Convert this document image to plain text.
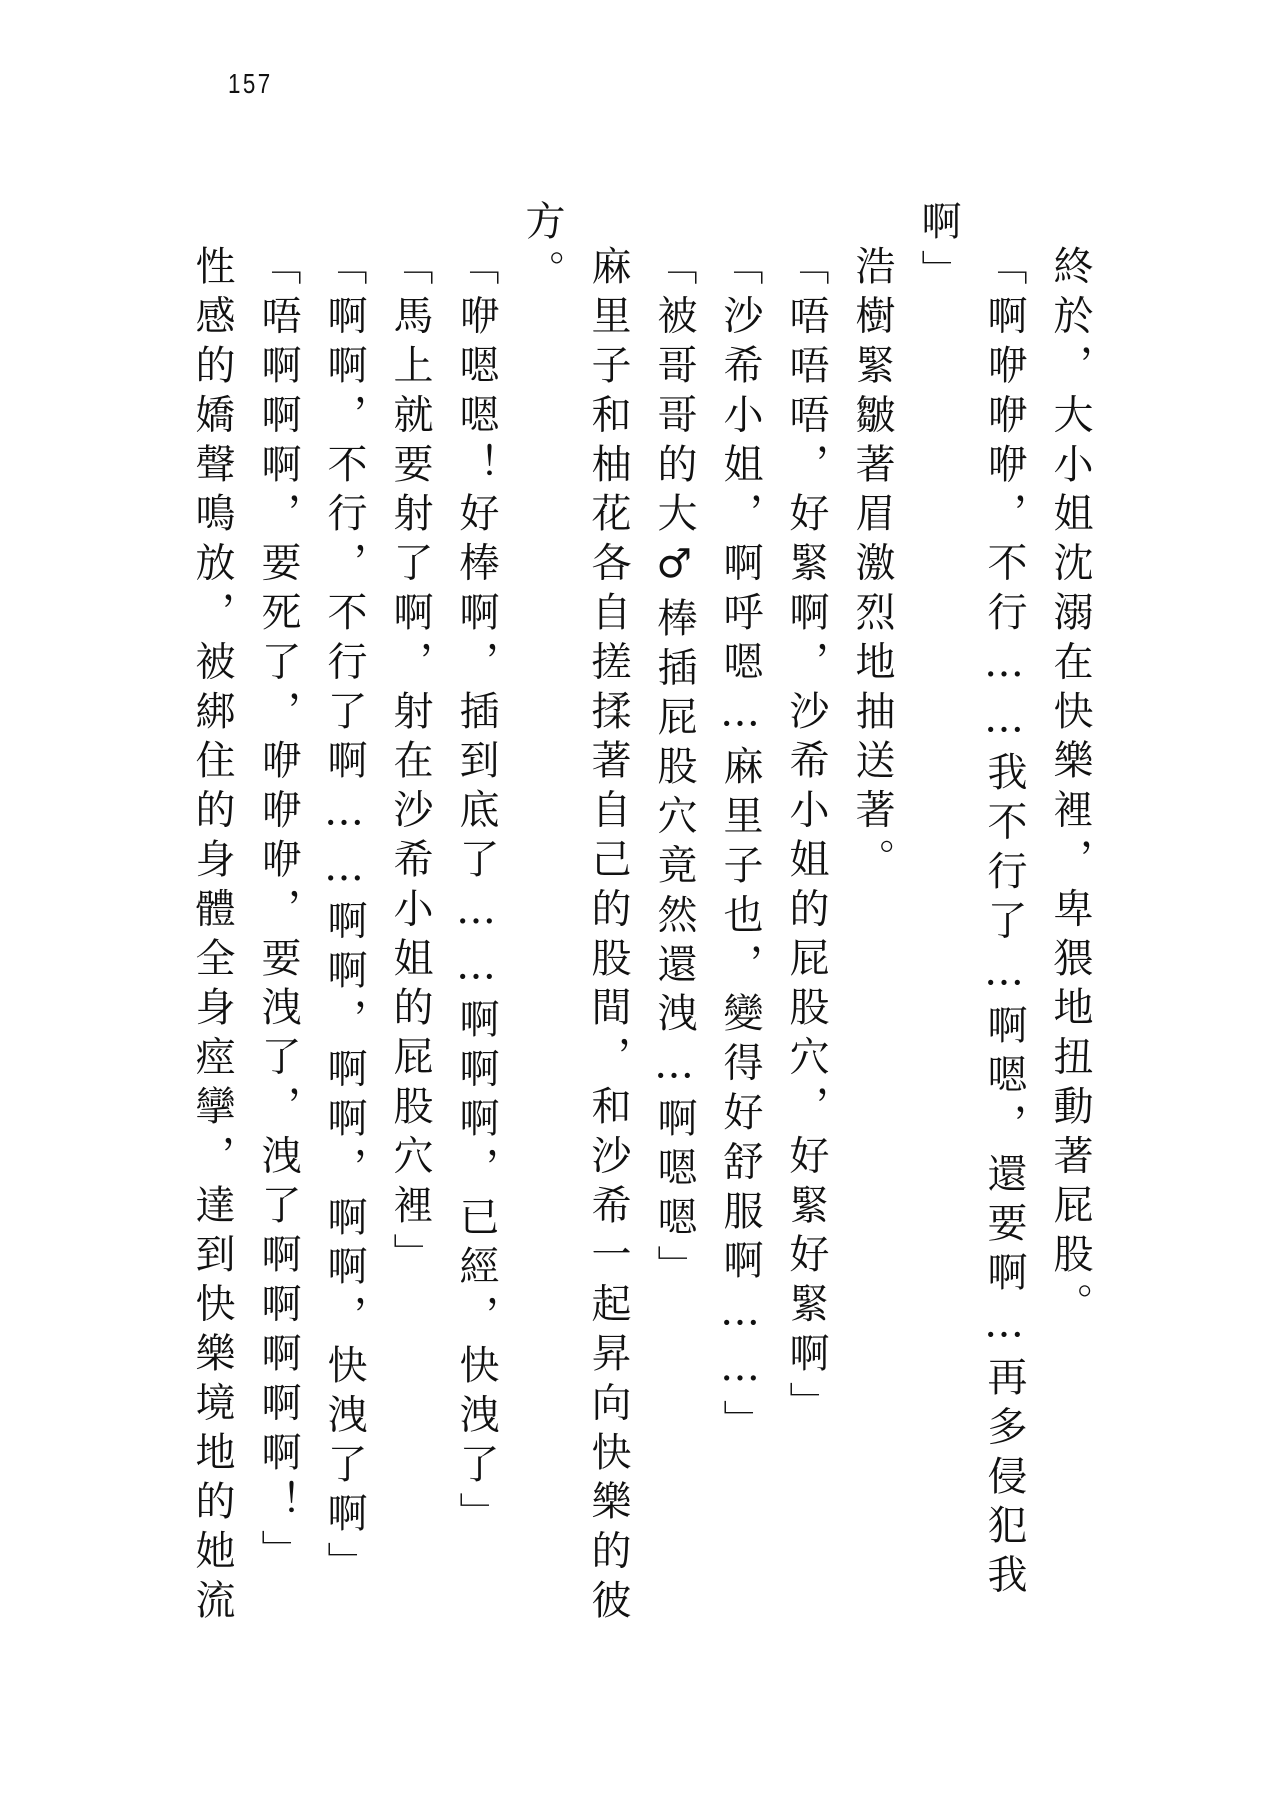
157
終於，大小姐沈溺在快樂裡，卑猥地扭動著屁股。
「啊咿咿咿，不行……我不行了…啊嗯，還要啊…再多侵犯我
啊」
浩樹緊皺著眉激烈地抽送著。
「唔唔唔，好緊啊，沙希小姐的屁股穴，好緊好緊啊」
「沙希小姐，啊呼嗯…麻里子也，變得好舒服啊……」
「被哥哥的大♂棒插屁股穴竟然還洩…啊嗯嗯」
麻里子和柚花各自搓揉著自己的股間，和沙希一起昇向快樂的彼
方。
「咿嗯嗯！好棒啊，插到底了……啊啊啊，已經，快洩了」
「馬上就要射了啊，射在沙希小姐的屁股穴裡」
「啊啊，不行，不行了啊……啊啊，啊啊，啊啊，快洩了啊」
「唔啊啊啊，要死了，咿咿咿，要洩了，洩了啊啊啊啊啊！」
性感的嬌聲鳴放，被綁住的身體全身痙攣，達到快樂境地的她流
